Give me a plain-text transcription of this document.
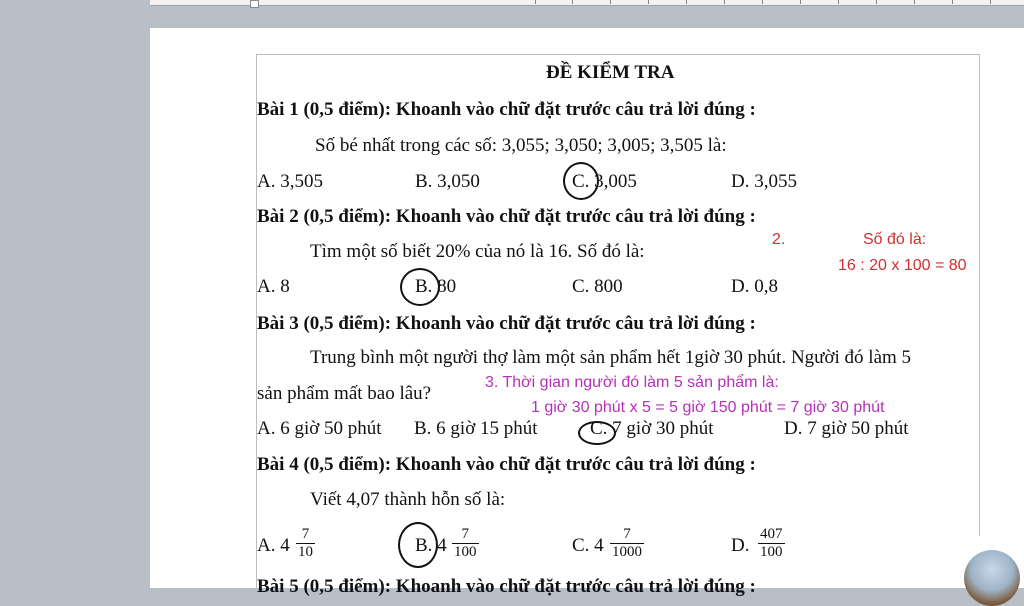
ĐỀ KIỂM TRA
Bài 1 (0,5 điểm): Khoanh vào chữ đặt trước câu trả lời đúng :
Số bé nhất trong các số: 3,055; 3,050; 3,005; 3,505 là:
A. 3,505	B. 3,050	C. 3,005	D. 3,055
Bài 2 (0,5 điểm): Khoanh vào chữ đặt trước câu trả lời đúng :
Tìm một số biết 20% của nó là 16. Số đó là:
A. 8	B. 80	C. 800	D. 0,8
2.	Số đó là:
16 : 20 x 100 = 80
Bài 3 (0,5 điểm): Khoanh vào chữ đặt trước câu trả lời đúng :
Trung bình một người thợ làm một sản phẩm hết 1giờ 30 phút. Người đó làm 5
sản phẩm mất bao lâu?
A. 6 giờ 50 phút B. 6 giờ 15 phút	C. 7 giờ 30 phút	D. 7 giờ 50 phút
3. Thời gian người đó làm 5 sản phẩm là:
1 giờ 30 phút x 5 = 5 giờ 150 phút = 7 giờ 30 phút
Bài 4 (0,5 điểm): Khoanh vào chữ đặt trước câu trả lời đúng :
Viết 4,07 thành hỗn số là:
A. $4 \frac{7}{10}$	B. $4 \frac{7}{100}$	C. $4 \frac{7}{1000}$	D. $\frac{407}{100}$
Bài 5 (0,5 điểm): Khoanh vào chữ đặt trước câu trả lời đúng :
